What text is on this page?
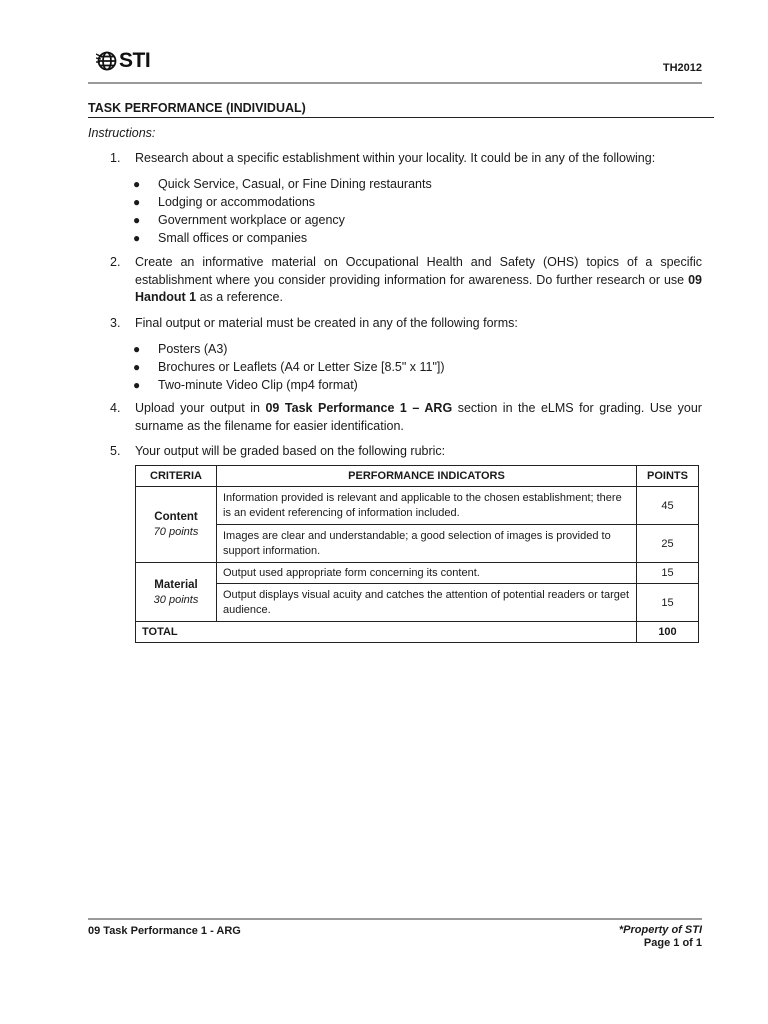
STI	TH2012
TASK PERFORMANCE (INDIVIDUAL)
Instructions:
1.	Research about a specific establishment within your locality. It could be in any of the following:
● Quick Service, Casual, or Fine Dining restaurants
● Lodging or accommodations
● Government workplace or agency
● Small offices or companies
2.	Create an informative material on Occupational Health and Safety (OHS) topics of a specific establishment where you consider providing information for awareness. Do further research or use 09 Handout 1 as a reference.
3.	Final output or material must be created in any of the following forms:
● Posters (A3)
● Brochures or Leaflets (A4 or Letter Size [8.5" x 11"])
● Two-minute Video Clip (mp4 format)
4.	Upload your output in 09 Task Performance 1 – ARG section in the eLMS for grading. Use your surname as the filename for easier identification.
5.	Your output will be graded based on the following rubric:
CRITERIA	PERFORMANCE INDICATORS	POINTS

Content
70 points	Information provided is relevant and applicable to the chosen establishment; there is an evident referencing of information included.	45
	Images are clear and understandable; a good selection of images is provided to support information.	25

Material
30 points	Output used appropriate form concerning its content.	15
	Output displays visual acuity and catches the attention of potential readers or target audience.	15
TOTAL		100
09 Task Performance 1 - ARG	*Property of STI
Page 1 of 1
